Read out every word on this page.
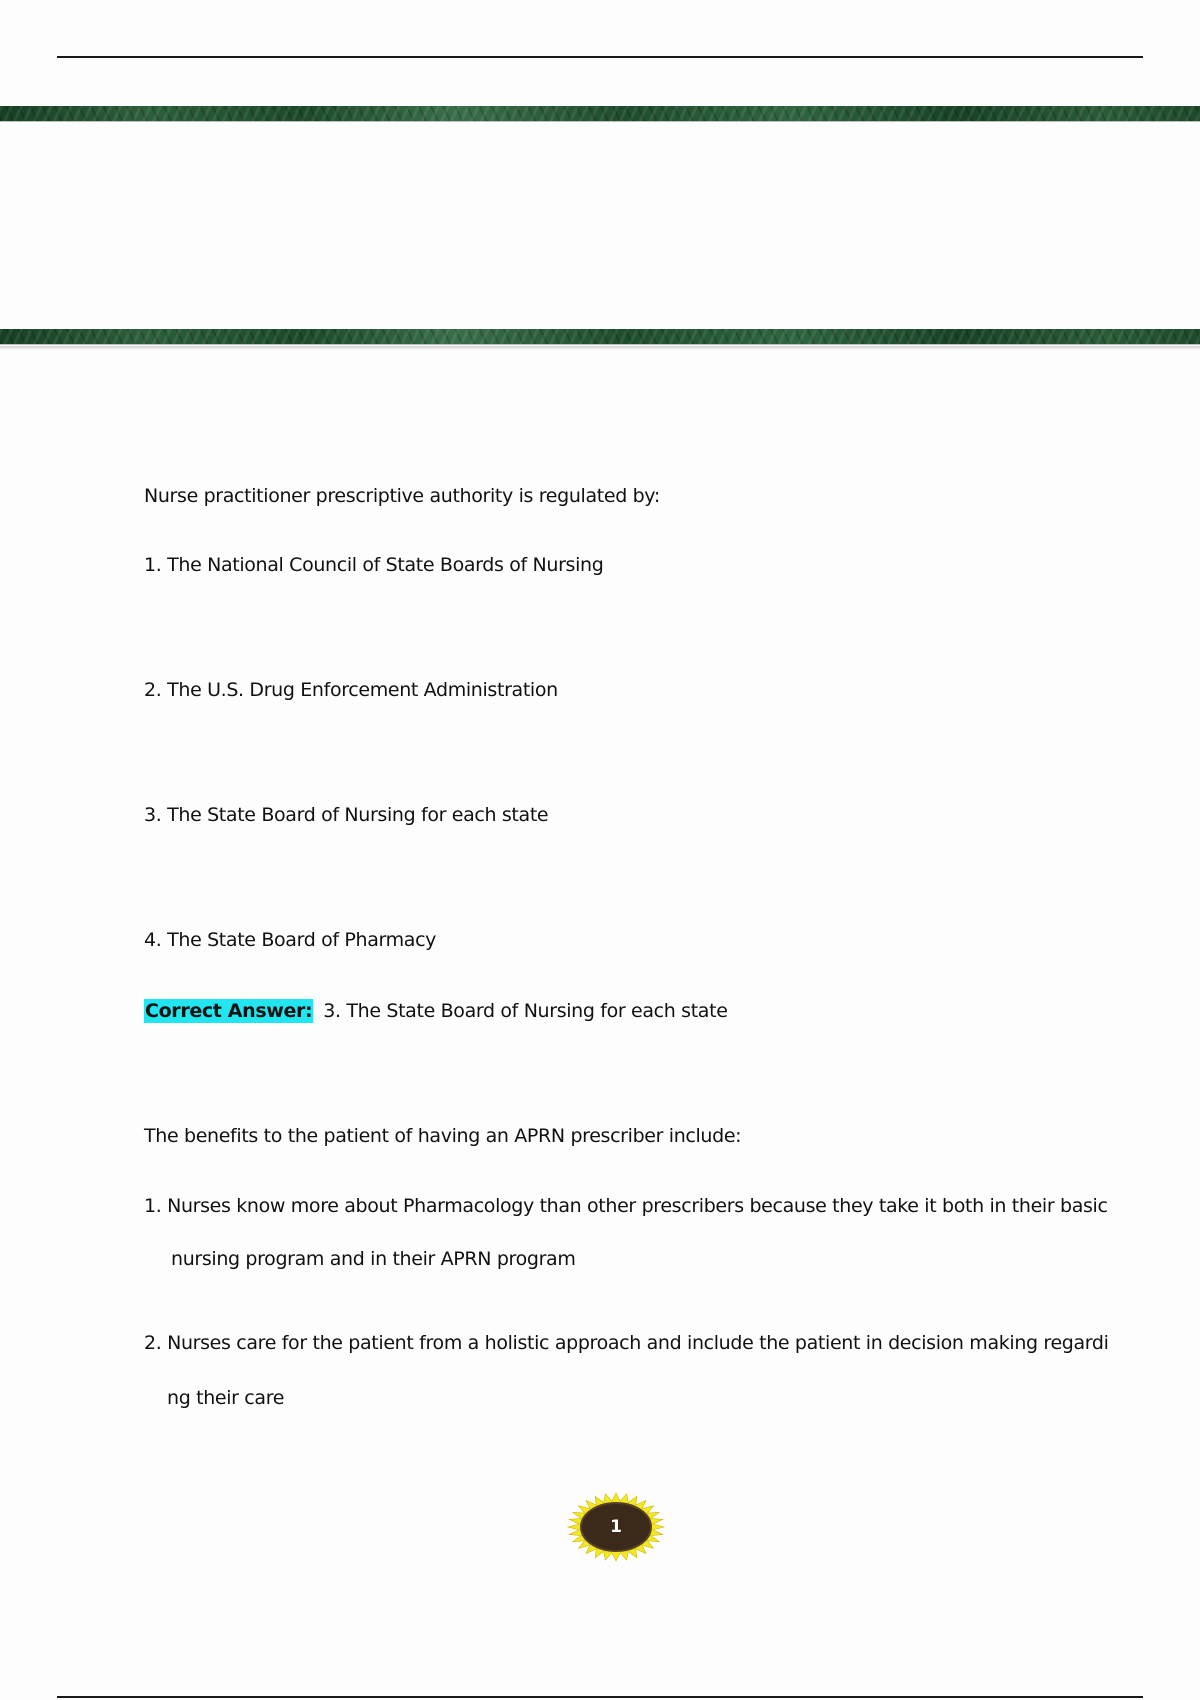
Nurse practitioner prescriptive authority is regulated by:
1. The National Council of State Boards of Nursing
2. The U.S. Drug Enforcement Administration
3. The State Board of Nursing for each state
4. The State Board of Pharmacy
Correct Answer: 3. The State Board of Nursing for each state
The benefits to the patient of having an APRN prescriber include:
1. Nurses know more about Pharmacology than other prescribers because they take it both in their basic
nursing program and in their APRN program
2. Nurses care for the patient from a holistic approach and include the patient in decision making regardi
ng their care
1
